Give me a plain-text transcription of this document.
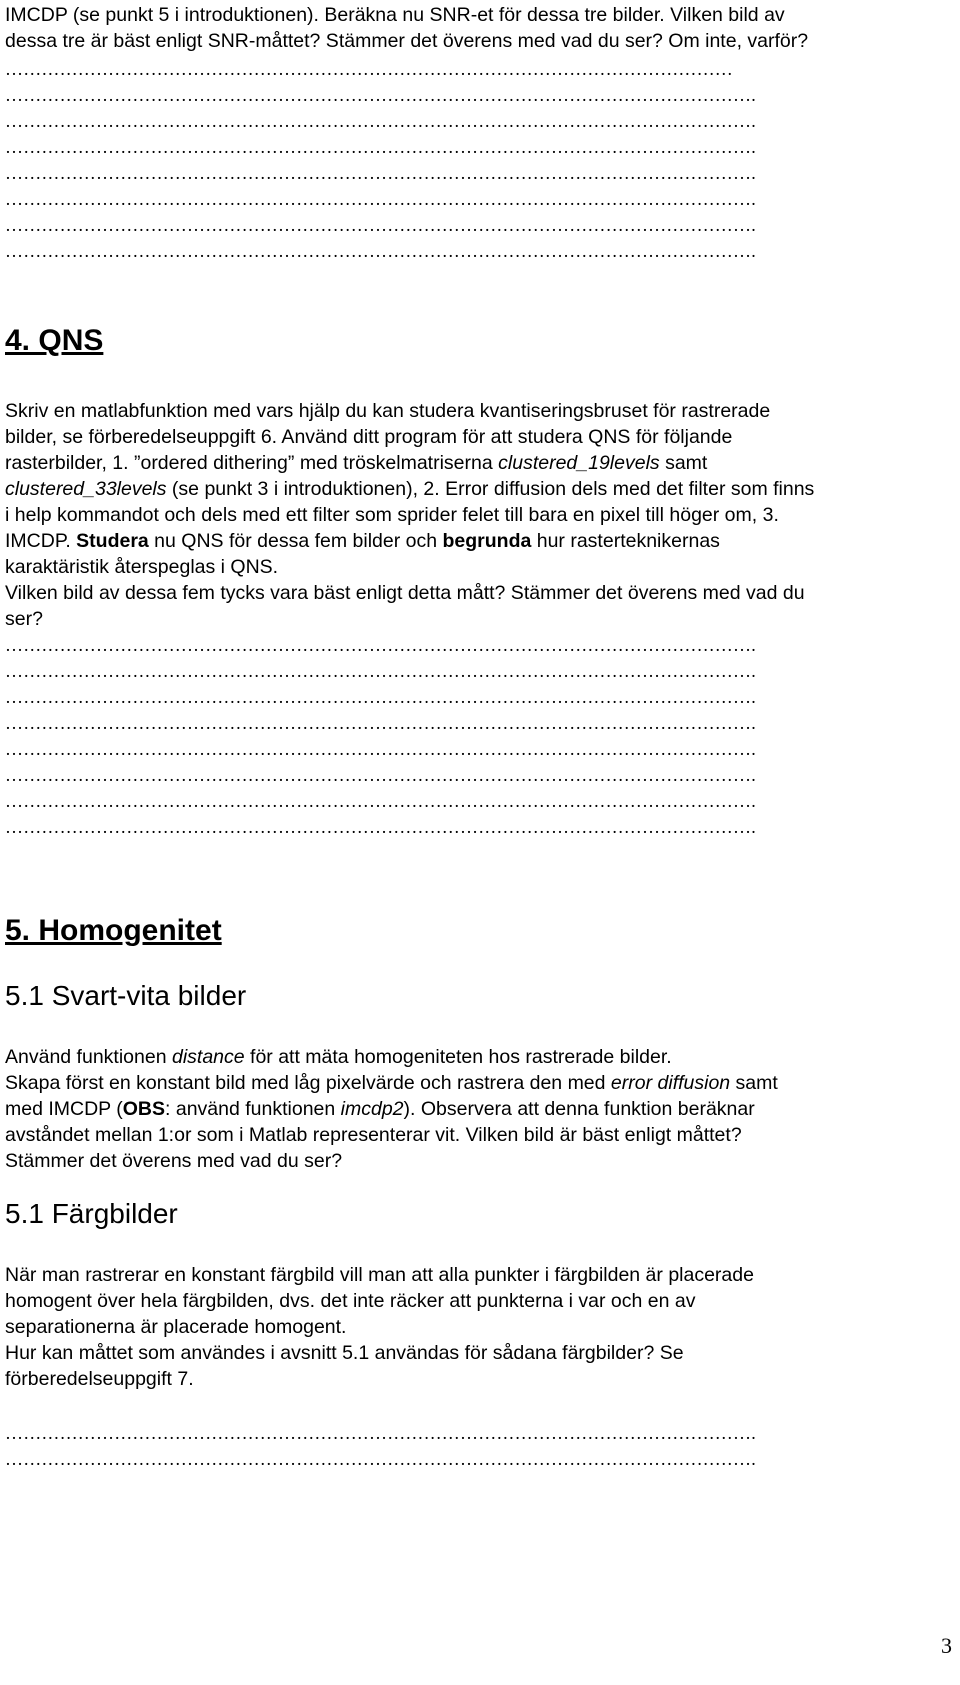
IMCDP (se punkt 5 i introduktionen). Beräkna nu SNR-et för dessa tre bilder. Vilken bild av

dessa tre är bäst enligt SNR-måttet? Stämmer det överens med vad du ser? Om inte, varför?

…………………………………………………………………………………………………………
…………………………………………………………………………………………………………….
…………………………………………………………………………………………………………….
…………………………………………………………………………………………………………….
…………………………………………………………………………………………………………….
…………………………………………………………………………………………………………….
…………………………………………………………………………………………………………….
…………………………………………………………………………………………………………….
4. QNS

Skriv en matlabfunktion med vars hjälp du kan studera kvantiseringsbruset för rastrerade

bilder, se förberedelseuppgift 6. Använd ditt program för att studera QNS för följande

rasterbilder, 1. ”ordered dithering” med tröskelmatriserna clustered_19levels samt

clustered_33levels (se punkt 3 i introduktionen), 2. Error diffusion dels med det filter som finns

i help kommandot och dels med ett filter som sprider felet till bara en pixel till höger om, 3.

IMCDP. Studera nu QNS för dessa fem bilder och begrunda hur rasterteknikernas

karaktäristik återspeglas i QNS.

Vilken bild av dessa fem tycks vara bäst enligt detta mått? Stämmer det överens med vad du

ser?

…………………………………………………………………………………………………………….
…………………………………………………………………………………………………………….
…………………………………………………………………………………………………………….
…………………………………………………………………………………………………………….
…………………………………………………………………………………………………………….
…………………………………………………………………………………………………………….
…………………………………………………………………………………………………………….
…………………………………………………………………………………………………………….
5. Homogenitet
5.1 Svart-vita bilder

Använd funktionen distance för att mäta homogeniteten hos rastrerade bilder.

Skapa först en konstant bild med låg pixelvärde och rastrera den med error diffusion samt

med IMCDP (OBS: använd funktionen imcdp2). Observera att denna funktion beräknar

avståndet mellan 1:or som i Matlab representerar vit. Vilken bild är bäst enligt måttet?

Stämmer det överens med vad du ser?

5.1 Färgbilder

När man rastrerar en konstant färgbild vill man att alla punkter i färgbilden är placerade

homogent över hela färgbilden, dvs. det inte räcker att punkterna i var och en av

separationerna är placerade homogent.

Hur kan måttet som användes i avsnitt 5.1 användas för sådana färgbilder? Se

förberedelseuppgift 7.

…………………………………………………………………………………………………………….
…………………………………………………………………………………………………………….
3
